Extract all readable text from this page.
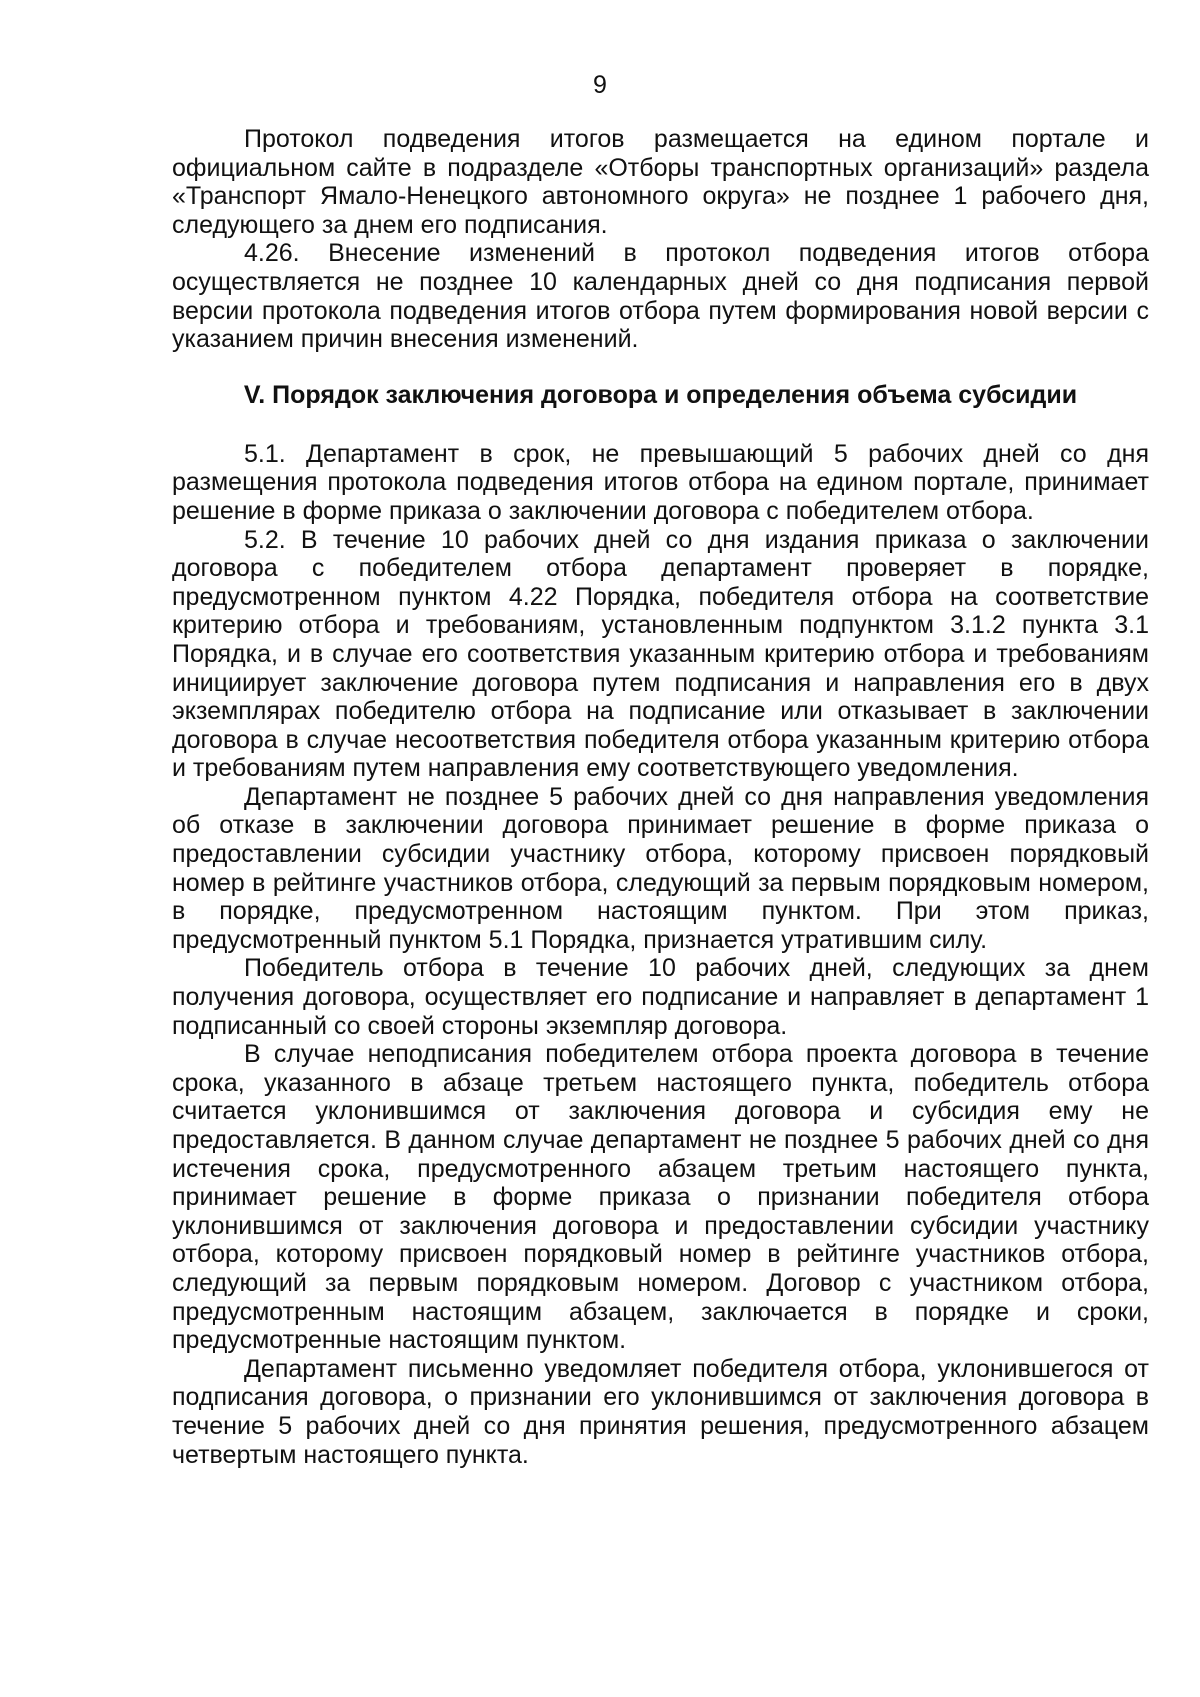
9

Протокол подведения итогов размещается на едином портале и официальном сайте в подразделе «Отборы транспортных организаций» раздела «Транспорт Ямало-Ненецкого автономного округа» не позднее 1 рабочего дня, следующего за днем его подписания.

4.26. Внесение изменений в протокол подведения итогов отбора осуществляется не позднее 10 календарных дней со дня подписания первой версии протокола подведения итогов отбора путем формирования новой версии с указанием причин внесения изменений.

V. Порядок заключения договора и определения объема субсидии

5.1. Департамент в срок, не превышающий 5 рабочих дней со дня размещения протокола подведения итогов отбора на едином портале, принимает решение в форме приказа о заключении договора с победителем отбора.

5.2. В течение 10 рабочих дней со дня издания приказа о заключении договора с победителем отбора департамент проверяет в порядке, предусмотренном пунктом 4.22 Порядка, победителя отбора на соответствие критерию отбора и требованиям, установленным подпунктом 3.1.2 пункта 3.1 Порядка, и в случае его соответствия указанным критерию отбора и требованиям инициирует заключение договора путем подписания и направления его в двух экземплярах победителю отбора на подписание или отказывает в заключении договора в случае несоответствия победителя отбора указанным критерию отбора и требованиям путем направления ему соответствующего уведомления.

Департамент не позднее 5 рабочих дней со дня направления уведомления об отказе в заключении договора принимает решение в форме приказа о предоставлении субсидии участнику отбора, которому присвоен порядковый номер в рейтинге участников отбора, следующий за первым порядковым номером, в порядке, предусмотренном настоящим пунктом. При этом приказ, предусмотренный пунктом 5.1 Порядка, признается утратившим силу.

Победитель отбора в течение 10 рабочих дней, следующих за днем получения договора, осуществляет его подписание и направляет в департамент 1 подписанный со своей стороны экземпляр договора.

В случае неподписания победителем отбора проекта договора в течение срока, указанного в абзаце третьем настоящего пункта, победитель отбора считается уклонившимся от заключения договора и субсидия ему не предоставляется. В данном случае департамент не позднее 5 рабочих дней со дня истечения срока, предусмотренного абзацем третьим настоящего пункта, принимает решение в форме приказа о признании победителя отбора уклонившимся от заключения договора и предоставлении субсидии участнику отбора, которому присвоен порядковый номер в рейтинге участников отбора, следующий за первым порядковым номером. Договор с участником отбора, предусмотренным настоящим абзацем, заключается в порядке и сроки, предусмотренные настоящим пунктом.

Департамент письменно уведомляет победителя отбора, уклонившегося от подписания договора, о признании его уклонившимся от заключения договора в течение 5 рабочих дней со дня принятия решения, предусмотренного абзацем четвертым настоящего пункта.
